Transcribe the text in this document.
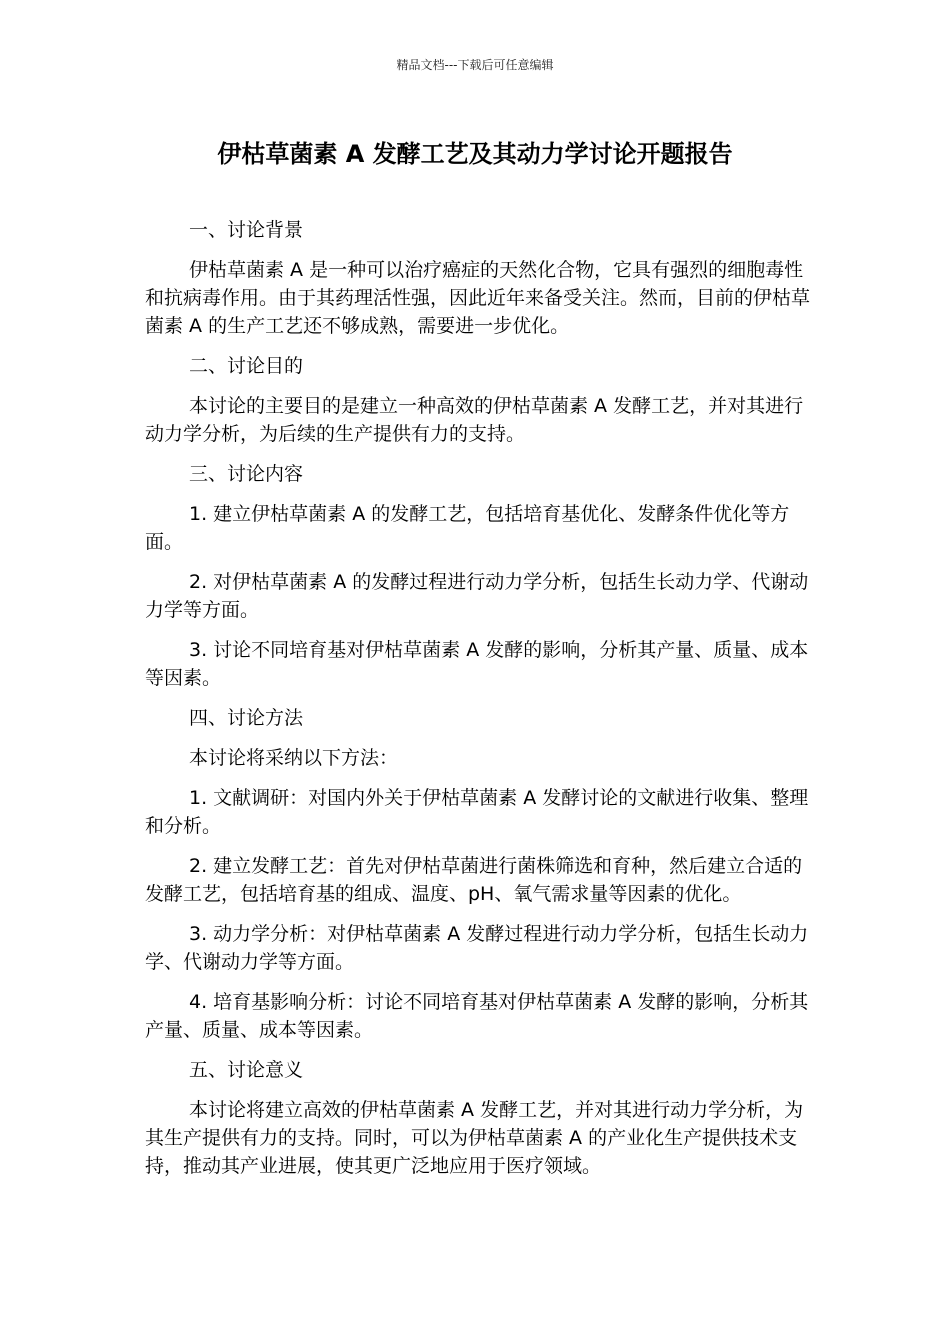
精品文档---下载后可任意编辑
伊枯草菌素 A 发酵工艺及其动力学讨论开题报告
一、讨论背景
伊枯草菌素 A 是一种可以治疗癌症的天然化合物，它具有强烈的细胞毒性和抗病毒作用。由于其药理活性强，因此近年来备受关注。然而，目前的伊枯草菌素 A 的生产工艺还不够成熟，需要进一步优化。
二、讨论目的
本讨论的主要目的是建立一种高效的伊枯草菌素 A 发酵工艺，并对其进行动力学分析，为后续的生产提供有力的支持。
三、讨论内容
1. 建立伊枯草菌素 A 的发酵工艺，包括培育基优化、发酵条件优化等方面。
2. 对伊枯草菌素 A 的发酵过程进行动力学分析，包括生长动力学、代谢动力学等方面。
3. 讨论不同培育基对伊枯草菌素 A 发酵的影响，分析其产量、质量、成本等因素。
四、讨论方法
本讨论将采纳以下方法：
1. 文献调研：对国内外关于伊枯草菌素 A 发酵讨论的文献进行收集、整理和分析。
2. 建立发酵工艺：首先对伊枯草菌进行菌株筛选和育种，然后建立合适的发酵工艺，包括培育基的组成、温度、pH、氧气需求量等因素的优化。
3. 动力学分析：对伊枯草菌素 A 发酵过程进行动力学分析，包括生长动力学、代谢动力学等方面。
4. 培育基影响分析：讨论不同培育基对伊枯草菌素 A 发酵的影响，分析其产量、质量、成本等因素。
五、讨论意义
本讨论将建立高效的伊枯草菌素 A 发酵工艺，并对其进行动力学分析，为其生产提供有力的支持。同时，可以为伊枯草菌素 A 的产业化生产提供技术支持，推动其产业进展，使其更广泛地应用于医疗领域。
